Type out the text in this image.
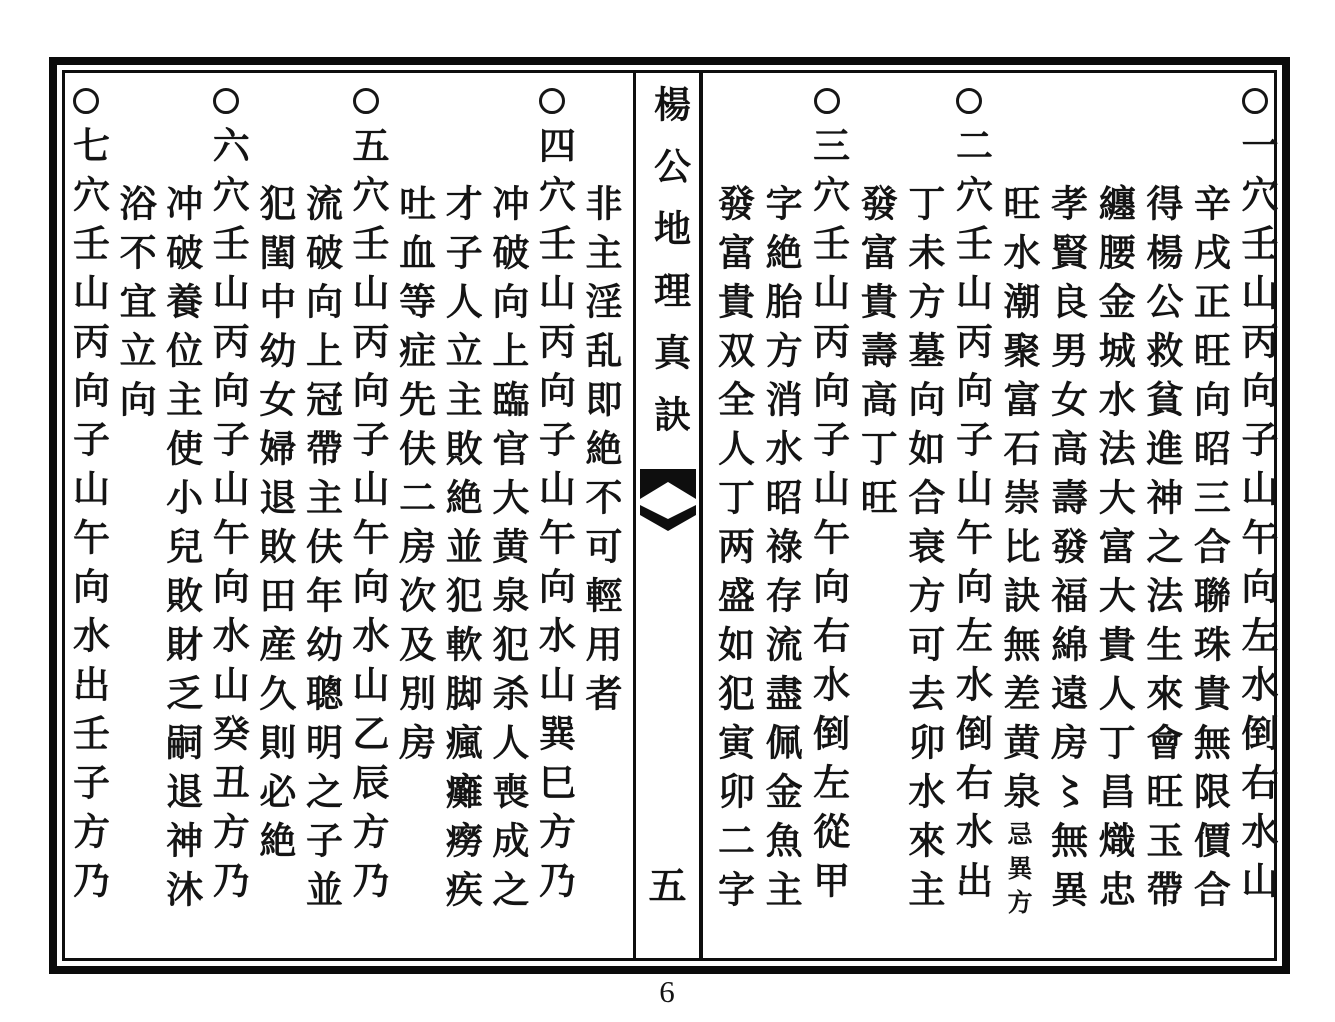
一穴壬山丙向子山午向左水倒右水山
辛戌正旺向昭三合聯珠貴無限價合
得楊公救貧進神之法生來會旺玉帶
纏腰金城水法大富大貴人丁昌熾忠
孝賢良男女高壽發福綿遠房〻無異
旺水潮聚富石崇比訣無差黄泉忌異方
二穴壬山丙向子山午向左水倒右水出
丁未方墓向如合衰方可去卯水來主
發富貴壽高丁旺
三穴壬山丙向子山午向右水倒左從甲
字絶胎方消水昭祿存流盡佩金魚主
發富貴双全人丁两盛如犯寅卯二字
楊公地理真訣
五
非主淫乱即絶不可輕用者
四穴壬山丙向子山午向水山巽巳方乃
冲破向上臨官大黄泉犯杀人喪成之
才子人立主敗絶並犯軟脚瘋癱癆疾
吐血等症先伕二房次及別房
五穴壬山丙向子山午向水山乙辰方乃
流破向上冠帶主伕年幼聰明之子並
犯閨中幼女婦退敗田産久則必絶
六穴壬山丙向子山午向水山癸丑方乃
冲破養位主使小兒敗財乏嗣退神沐
浴不宜立向
七穴壬山丙向子山午向水出壬子方乃
6
